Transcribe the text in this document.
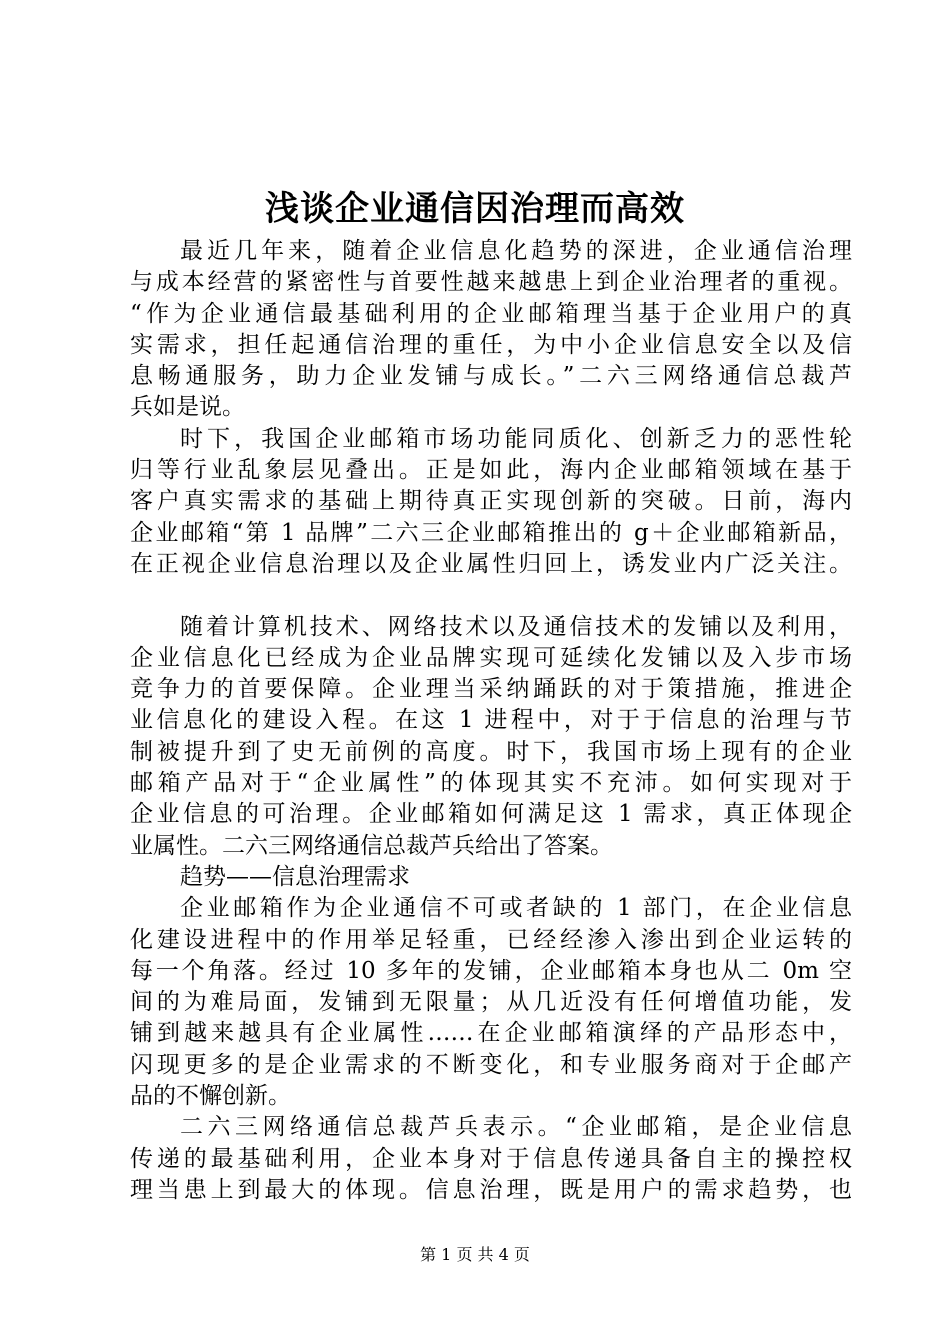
浅谈企业通信因治理而高效
最近几年来，随着企业信息化趋势的深进，企业通信治理
与成本经营的紧密性与首要性越来越患上到企业治理者的重视。
“作为企业通信最基础利用的企业邮箱理当基于企业用户的真
实需求，担任起通信治理的重任，为中小企业信息安全以及信
息畅通服务，助力企业发铺与成长。”二六三网络通信总裁芦
兵如是说。
时下，我国企业邮箱市场功能同质化、创新乏力的恶性轮
归等行业乱象层见叠出。正是如此，海内企业邮箱领域在基于
客户真实需求的基础上期待真正实现创新的突破。日前，海内
企业邮箱“第 1 品牌”二六三企业邮箱推出的 g＋企业邮箱新品，
在正视企业信息治理以及企业属性归回上，诱发业内广泛关注。
随着计算机技术、网络技术以及通信技术的发铺以及利用，
企业信息化已经成为企业品牌实现可延续化发铺以及入步市场
竞争力的首要保障。企业理当采纳踊跃的对于策措施，推进企
业信息化的建设入程。在这 1 进程中，对于于信息的治理与节
制被提升到了史无前例的高度。时下，我国市场上现有的企业
邮箱产品对于“企业属性”的体现其实不充沛。如何实现对于
企业信息的可治理。企业邮箱如何满足这 1 需求，真正体现企
业属性。二六三网络通信总裁芦兵给出了答案。
趋势——信息治理需求
企业邮箱作为企业通信不可或者缺的 1 部门，在企业信息
化建设进程中的作用举足轻重，已经经渗入渗出到企业运转的
每一个角落。经过 10 多年的发铺，企业邮箱本身也从二 0m 空
间的为难局面，发铺到无限量；从几近没有任何增值功能，发
铺到越来越具有企业属性……在企业邮箱演绎的产品形态中，
闪现更多的是企业需求的不断变化，和专业服务商对于企邮产
品的不懈创新。
二六三网络通信总裁芦兵表示。“企业邮箱，是企业信息
传递的最基础利用，企业本身对于信息传递具备自主的操控权
理当患上到最大的体现。信息治理，既是用户的需求趋势，也
第 1 页 共 4 页
